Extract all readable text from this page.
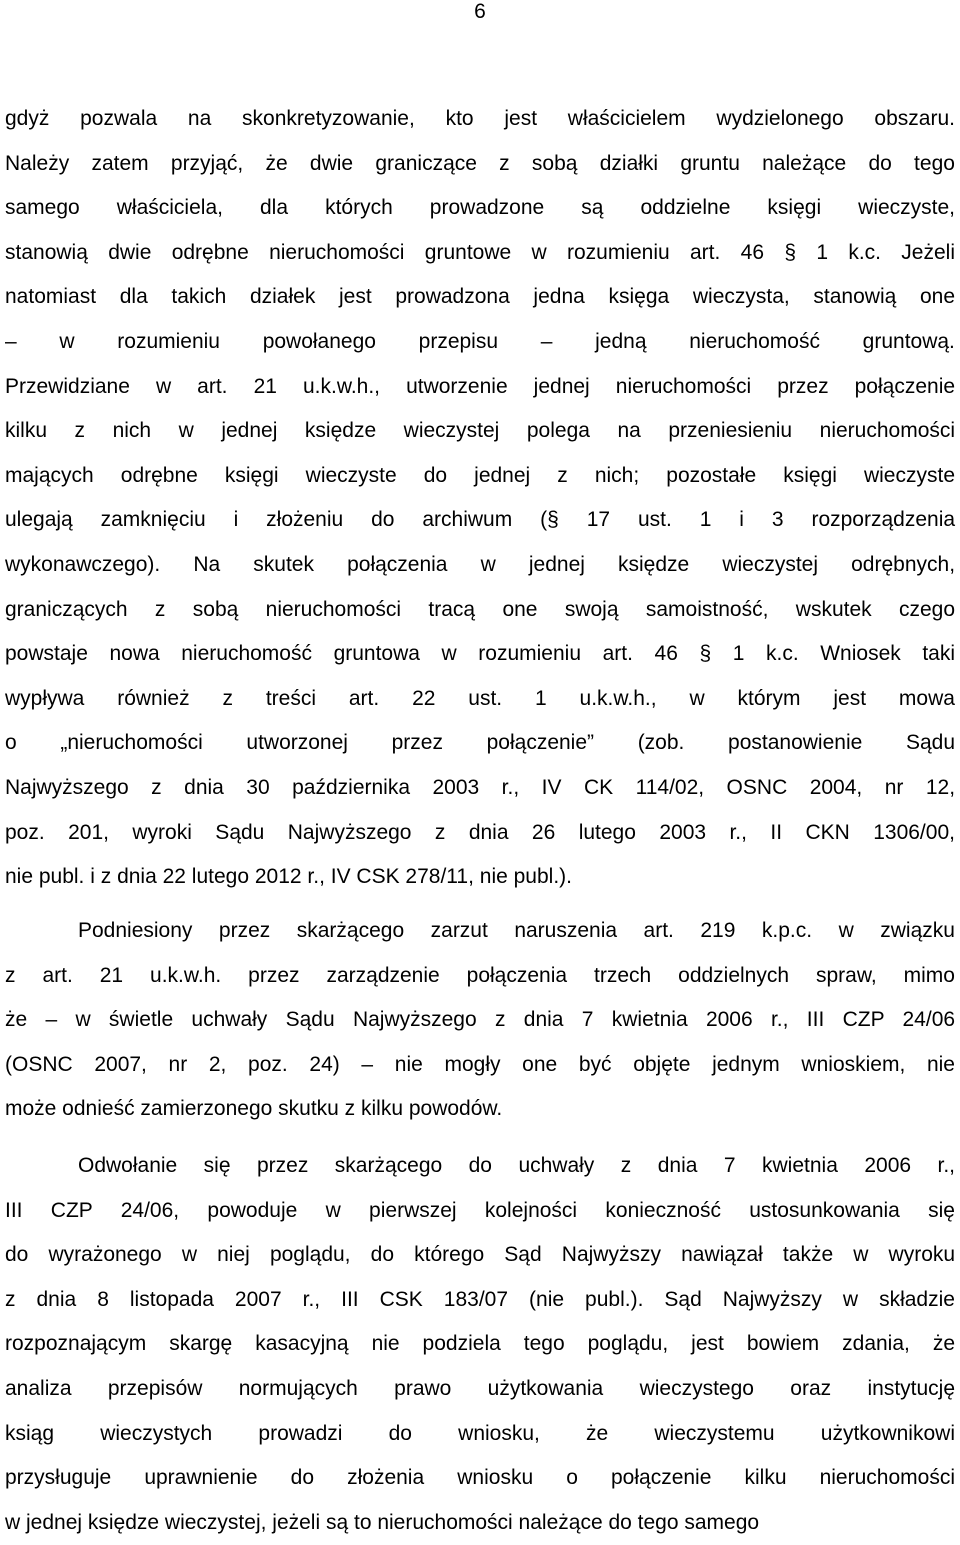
6
gdyż pozwala na skonkretyzowanie, kto jest właścicielem wydzielonego obszaru.
Należy zatem przyjąć, że dwie graniczące z sobą działki gruntu należące do tego
samego właściciela, dla których prowadzone są oddzielne księgi wieczyste,
stanowią dwie odrębne nieruchomości gruntowe w rozumieniu art. 46 § 1 k.c. Jeżeli
natomiast dla takich działek jest prowadzona jedna księga wieczysta, stanowią one
– w rozumieniu powołanego przepisu – jedną nieruchomość gruntową.
Przewidziane w art. 21 u.k.w.h., utworzenie jednej nieruchomości przez połączenie
kilku z nich w jednej księdze wieczystej polega na przeniesieniu nieruchomości
mających odrębne księgi wieczyste do jednej z nich; pozostałe księgi wieczyste
ulegają zamknięciu i złożeniu do archiwum (§ 17 ust. 1 i 3 rozporządzenia
wykonawczego). Na skutek połączenia w jednej księdze wieczystej odrębnych,
graniczących z sobą nieruchomości tracą one swoją samoistność, wskutek czego
powstaje nowa nieruchomość gruntowa w rozumieniu art. 46 § 1 k.c. Wniosek taki
wypływa również z treści art. 22 ust. 1 u.k.w.h., w którym jest mowa
o „nieruchomości utworzonej przez połączenie” (zob. postanowienie Sądu
Najwyższego z dnia 30 października 2003 r., IV CK 114/02, OSNC 2004, nr 12,
poz. 201, wyroki Sądu Najwyższego z dnia 26 lutego 2003 r., II CKN 1306/00,
nie publ. i z dnia 22 lutego 2012 r., IV CSK 278/11, nie publ.).
Podniesiony przez skarżącego zarzut naruszenia art. 219 k.p.c. w związku
z art. 21 u.k.w.h. przez zarządzenie połączenia trzech oddzielnych spraw, mimo
że – w świetle uchwały Sądu Najwyższego z dnia 7 kwietnia 2006 r., III CZP 24/06
(OSNC 2007, nr 2, poz. 24) – nie mogły one być objęte jednym wnioskiem, nie
może odnieść zamierzonego skutku z kilku powodów.
Odwołanie się przez skarżącego do uchwały z dnia 7 kwietnia 2006 r.,
III CZP 24/06, powoduje w pierwszej kolejności konieczność ustosunkowania się
do wyrażonego w niej poglądu, do którego Sąd Najwyższy nawiązał także w wyroku
z dnia 8 listopada 2007 r., III CSK 183/07 (nie publ.). Sąd Najwyższy w składzie
rozpoznającym skargę kasacyjną nie podziela tego poglądu, jest bowiem zdania, że
analiza przepisów normujących prawo użytkowania wieczystego oraz instytucję
ksiąg wieczystych prowadzi do wniosku, że wieczystemu użytkownikowi
przysługuje uprawnienie do złożenia wniosku o połączenie kilku nieruchomości
w jednej księdze wieczystej, jeżeli są to nieruchomości należące do tego samego
